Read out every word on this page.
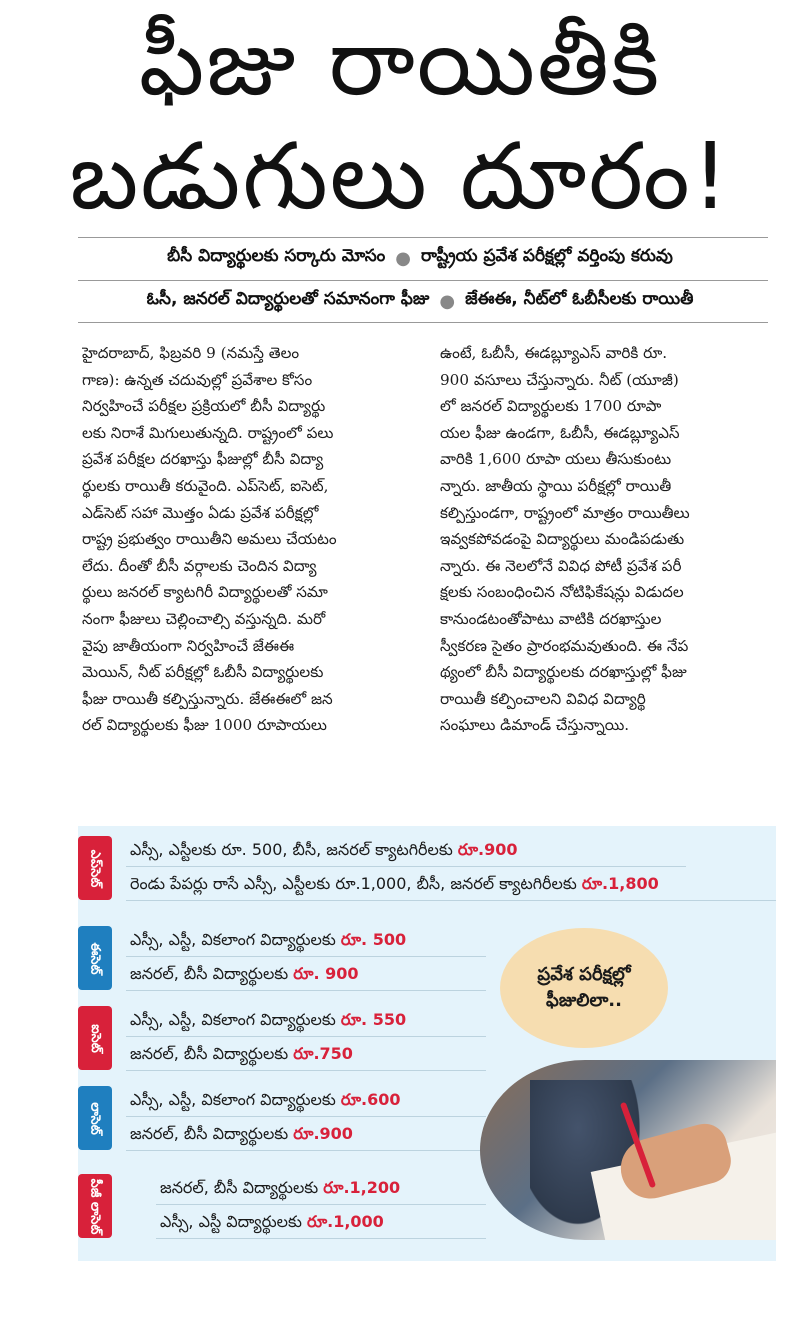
ఫీజు రాయితీకి
బడుగులు దూరం!
బీసీ విద్యార్థులకు సర్కారు మోసం ● రాష్ట్రీయ ప్రవేశ పరీక్షల్లో వర్తింపు కరువు
ఓసీ, జనరల్ విద్యార్థులతో సమానంగా ఫీజు ● జేఈఈ, నీట్‌లో ఓబీసీలకు రాయితీ
హైదరాబాద్, ఫిబ్రవరి 9 (నమస్తే తెలం
గాణ): ఉన్నత చదువుల్లో ప్రవేశాల కోసం
నిర్వహించే పరీక్షల ప్రక్రియలో బీసీ విద్యార్థు
లకు నిరాశే మిగులుతున్నది. రాష్ట్రంలో పలు
ప్రవేశ పరీక్షల దరఖాస్తు ఫీజుల్లో బీసీ విద్యా
ర్థులకు రాయితీ కరువైంది. ఎప్‌సెట్, ఐసెట్,
ఎడ్‌సెట్ సహా మొత్తం ఏడు ప్రవేశ పరీక్షల్లో
రాష్ట్ర ప్రభుత్వం రాయితీని అమలు చేయటం
లేదు. దీంతో బీసీ వర్గాలకు చెందిన విద్యా
ర్థులు జనరల్ క్యాటగిరీ విద్యార్థులతో సమా
నంగా ఫీజులు చెల్లించాల్సి వస్తున్నది. మరో
వైపు జాతీయంగా నిర్వహించే జేఈఈ
మెయిన్, నీట్ పరీక్షల్లో ఓబీసీ విద్యార్థులకు
ఫీజు రాయితీ కల్పిస్తున్నారు. జేఈఈలో జన
రల్ విద్యార్థులకు ఫీజు 1000 రూపాయలు
ఉంటే, ఓబీసీ, ఈడబ్ల్యూఎస్ వారికి రూ.
900 వసూలు చేస్తున్నారు. నీట్ (యూజీ)
లో జనరల్ విద్యార్థులకు 1700 రూపా
యల ఫీజు ఉండగా, ఓబీసీ, ఈడబ్ల్యూఎస్
వారికి 1,600 రూపా యలు తీసుకుంటు
న్నారు. జాతీయ స్థాయి పరీక్షల్లో రాయితీ
కల్పిస్తుండగా, రాష్ట్రంలో మాత్రం రాయితీలు
ఇవ్వకపోవడంపై విద్యార్థులు మండిపడుతు
న్నారు. ఈ నెలలోనే వివిధ పోటీ ప్రవేశ పరీ
క్షలకు సంబంధించిన నోటిఫికేషన్లు విడుదల
కానుండటంతోపాటు వాటికి దరఖాస్తుల
స్వీకరణ సైతం ప్రారంభమవుతుంది. ఈ నేప
థ్యంలో బీసీ విద్యార్థులకు దరఖాస్తుల్లో ఫీజు
రాయితీ కల్పించాలని వివిధ విద్యార్థి
సంఘాలు డిమాండ్ చేస్తున్నాయి.
ఎప్‌సెట్ ఎస్సీ, ఎస్టీలకు రూ. 500, బీసీ, జనరల్ క్యాటగిరీలకు రూ.900
రెండు పేపర్లు రాసే ఎస్సీ, ఎస్టీలకు రూ.1,000, బీసీ, జనరల్ క్యాటగిరీలకు రూ.1,800
ఈసెట్
ఎస్సీ, ఎస్టీ, వికలాంగ విద్యార్థులకు రూ. 500
జనరల్, బీసీ విద్యార్థులకు రూ. 900
ఐసెట్
ఎస్సీ, ఎస్టీ, వికలాంగ విద్యార్థులకు రూ. 550
జనరల్, బీసీ విద్యార్థులకు రూ.750
లాసెట్
ఎస్సీ, ఎస్టీ, వికలాంగ విద్యార్థులకు రూ.600
జనరల్, బీసీ విద్యార్థులకు రూ.900
పీజీ లాసెట్	జనరల్, బీసీ విద్యార్థులకు రూ.1,200
ఎస్సీ, ఎస్టీ విద్యార్థులకు రూ.1,000
ప్రవేశ పరీక్షల్లో
ఫీజులిలా..
